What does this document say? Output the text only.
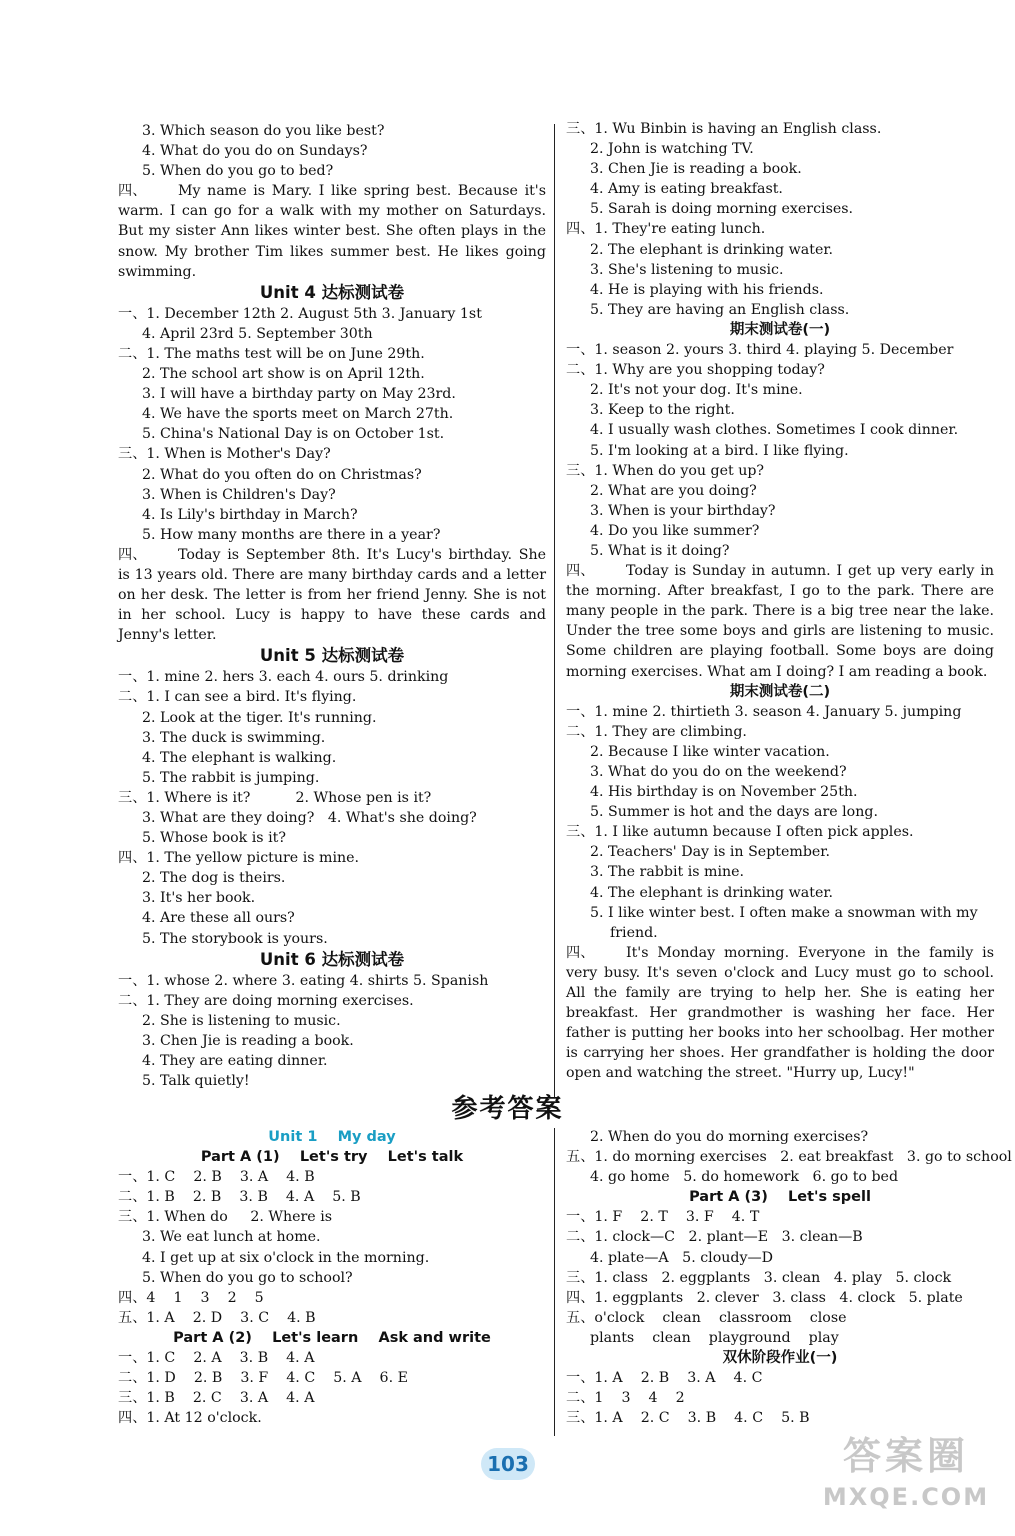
3. Which season do you like best?
4. What do you do on Sundays?
5. When do you go to bed?
四、 My name is Mary. I like spring best. Because it's warm. I can go for a walk with my mother on Saturdays. But my sister Ann likes winter best. She often plays in the snow. My brother Tim likes summer best. He likes going swimming.
Unit 4 达标测试卷
一、1. December 12th 2. August 5th 3. January 1st
4. April 23rd 5. September 30th
二、1. The maths test will be on June 29th.
2. The school art show is on April 12th.
3. I will have a birthday party on May 23rd.
4. We have the sports meet on March 27th.
5. China's National Day is on October 1st.
三、1. When is Mother's Day?
2. What do you often do on Christmas?
3. When is Children's Day?
4. Is Lily's birthday in March?
5. How many months are there in a year?
四、 Today is September 8th. It's Lucy's birthday. She is 13 years old. There are many birthday cards and a letter on her desk. The letter is from her friend Jenny. She is not in her school. Lucy is happy to have these cards and Jenny's letter.
Unit 5 达标测试卷
一、1. mine 2. hers 3. each 4. ours 5. drinking
二、1. I can see a bird. It's flying.
2. Look at the tiger. It's running.
3. The duck is swimming.
4. The elephant is walking.
5. The rabbit is jumping.
三、1. Where is it?          2. Whose pen is it?
3. What are they doing?   4. What's she doing?
5. Whose book is it?
四、1. The yellow picture is mine.
2. The dog is theirs.
3. It's her book.
4. Are these all ours?
5. The storybook is yours.
Unit 6 达标测试卷
一、1. whose 2. where 3. eating 4. shirts 5. Spanish
二、1. They are doing morning exercises.
2. She is listening to music.
3. Chen Jie is reading a book.
4. They are eating dinner.
5. Talk quietly!
三、1. Wu Binbin is having an English class.
2. John is watching TV.
3. Chen Jie is reading a book.
4. Amy is eating breakfast.
5. Sarah is doing morning exercises.
四、1. They're eating lunch.
2. The elephant is drinking water.
3. She's listening to music.
4. He is playing with his friends.
5. They are having an English class.
期末测试卷(一)
一、1. season 2. yours 3. third 4. playing 5. December
二、1. Why are you shopping today?
2. It's not your dog. It's mine.
3. Keep to the right.
4. I usually wash clothes. Sometimes I cook dinner.
5. I'm looking at a bird. I like flying.
三、1. When do you get up?
2. What are you doing?
3. When is your birthday?
4. Do you like summer?
5. What is it doing?
四、 Today is Sunday in autumn. I get up very early in the morning. After breakfast, I go to the park. There are many people in the park. There is a big tree near the lake. Under the tree some boys and girls are listening to music. Some children are playing football. Some boys are doing morning exercises. What am I doing? I am reading a book.
期末测试卷(二)
一、1. mine 2. thirtieth 3. season 4. January 5. jumping
二、1. They are climbing.
2. Because I like winter vacation.
3. What do you do on the weekend?
4. His birthday is on November 25th.
5. Summer is hot and the days are long.
三、1. I like autumn because I often pick apples.
2. Teachers' Day is in September.
3. The rabbit is mine.
4. The elephant is drinking water.
5. I like winter best. I often make a snowman with my
friend.
四、 It's Monday morning. Everyone in the family is very busy. It's seven o'clock and Lucy must go to school. All the family are trying to help her. She is eating her breakfast. Her grandmother is washing her face. Her father is putting her books into her schoolbag. Her mother is carrying her shoes. Her grandfather is holding the door open and watching the street. "Hurry up, Lucy!"
参考答案
Unit 1    My day
Part A (1)    Let's try    Let's talk
一、1. C    2. B    3. A    4. B
二、1. B    2. B    3. B    4. A    5. B
三、1. When do     2. Where is
3. We eat lunch at home.
4. I get up at six o'clock in the morning.
5. When do you go to school?
四、4    1    3    2    5
五、1. A    2. D    3. C    4. B
Part A (2)    Let's learn    Ask and write
一、1. C    2. A    3. B    4. A
二、1. D    2. B    3. F    4. C    5. A    6. E
三、1. B    2. C    3. A    4. A
四、1. At 12 o'clock.
2. When do you do morning exercises?
五、1. do morning exercises   2. eat breakfast   3. go to school
4. go home   5. do homework   6. go to bed
Part A (3)    Let's spell
一、1. F    2. T    3. F    4. T
二、1. clock—C   2. plant—E   3. clean—B
4. plate—A   5. cloudy—D
三、1. class   2. eggplants   3. clean   4. play   5. clock
四、1. eggplants   2. clever   3. class   4. clock   5. plate
五、o'clock    clean    classroom    close
plants    clean    playground    play
双休阶段作业(一)
一、1. A    2. B    3. A    4. C
二、1    3    4    2
三、1. A    2. C    3. B    4. C    5. B
103	答案圈
MXQE.COM
